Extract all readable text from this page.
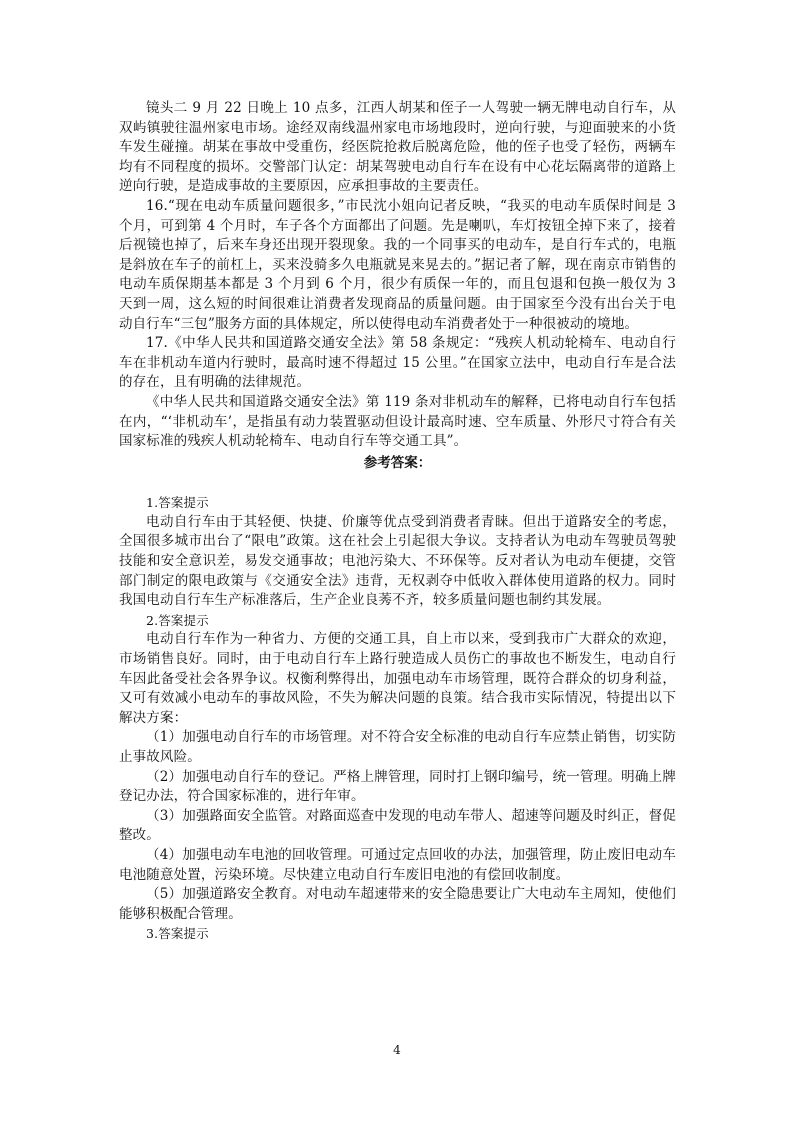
镜头二 9 月 22 日晚上 10 点多，江西人胡某和侄子一人驾驶一辆无牌电动自行车，从双屿镇驶往温州家电市场。途经双南线温州家电市场地段时，逆向行驶，与迎面驶来的小货车发生碰撞。胡某在事故中受重伤，经医院抢救后脱离危险，他的侄子也受了轻伤，两辆车均有不同程度的损坏。交警部门认定：胡某驾驶电动自行车在设有中心花坛隔离带的道路上逆向行驶，是造成事故的主要原因，应承担事故的主要责任。

16.“现在电动车质量问题很多，”市民沈小姐向记者反映，“我买的电动车质保时间是 3 个月，可到第 4 个月时，车子各个方面都出了问题。先是喇叭，车灯按钮全掉下来了，接着后视镜也掉了，后来车身还出现开裂现象。我的一个同事买的电动车，是自行车式的，电瓶是斜放在车子的前杠上，买来没骑多久电瓶就晃来晃去的。”据记者了解，现在南京市销售的电动车质保期基本都是 3 个月到 6 个月，很少有质保一年的，而且包退和包换一般仅为 3 天到一周，这么短的时间很难让消费者发现商品的质量问题。由于国家至今没有出台关于电动自行车“三包”服务方面的具体规定，所以使得电动车消费者处于一种很被动的境地。

17.《中华人民共和国道路交通安全法》第 58 条规定：“残疾人机动轮椅车、电动自行车在非机动车道内行驶时，最高时速不得超过 15 公里。”在国家立法中，电动自行车是合法的存在，且有明确的法律规范。

《中华人民共和国道路交通安全法》第 119 条对非机动车的解释，已将电动自行车包括在内，“‘非机动车’，是指虽有动力装置驱动但设计最高时速、空车质量、外形尺寸符合有关国家标准的残疾人机动轮椅车、电动自行车等交通工具”。

参考答案：

1.答案提示

电动自行车由于其轻便、快捷、价廉等优点受到消费者青睐。但出于道路安全的考虑，全国很多城市出台了“限电”政策。这在社会上引起很大争议。支持者认为电动车驾驶员驾驶技能和安全意识差，易发交通事故；电池污染大、不环保等。反对者认为电动车便捷，交管部门制定的限电政策与《交通安全法》违背，无权剥夺中低收入群体使用道路的权力。同时我国电动自行车生产标准落后，生产企业良莠不齐，较多质量问题也制约其发展。

2.答案提示

电动自行车作为一种省力、方便的交通工具，自上市以来，受到我市广大群众的欢迎，市场销售良好。同时，由于电动自行车上路行驶造成人员伤亡的事故也不断发生，电动自行车因此备受社会各界争议。权衡利弊得出，加强电动车市场管理，既符合群众的切身利益，又可有效减小电动车的事故风险，不失为解决问题的良策。结合我市实际情况，特提出以下解决方案：

（1）加强电动自行车的市场管理。对不符合安全标准的电动自行车应禁止销售，切实防止事故风险。

（2）加强电动自行车的登记。严格上牌管理，同时打上钢印编号，统一管理。明确上牌登记办法，符合国家标准的，进行年审。

（3）加强路面安全监管。对路面巡查中发现的电动车带人、超速等问题及时纠正，督促整改。

（4）加强电动车电池的回收管理。可通过定点回收的办法，加强管理，防止废旧电动车电池随意处置，污染环境。尽快建立电动自行车废旧电池的有偿回收制度。

（5）加强道路安全教育。对电动车超速带来的安全隐患要让广大电动车主周知，使他们能够积极配合管理。

3.答案提示

4
